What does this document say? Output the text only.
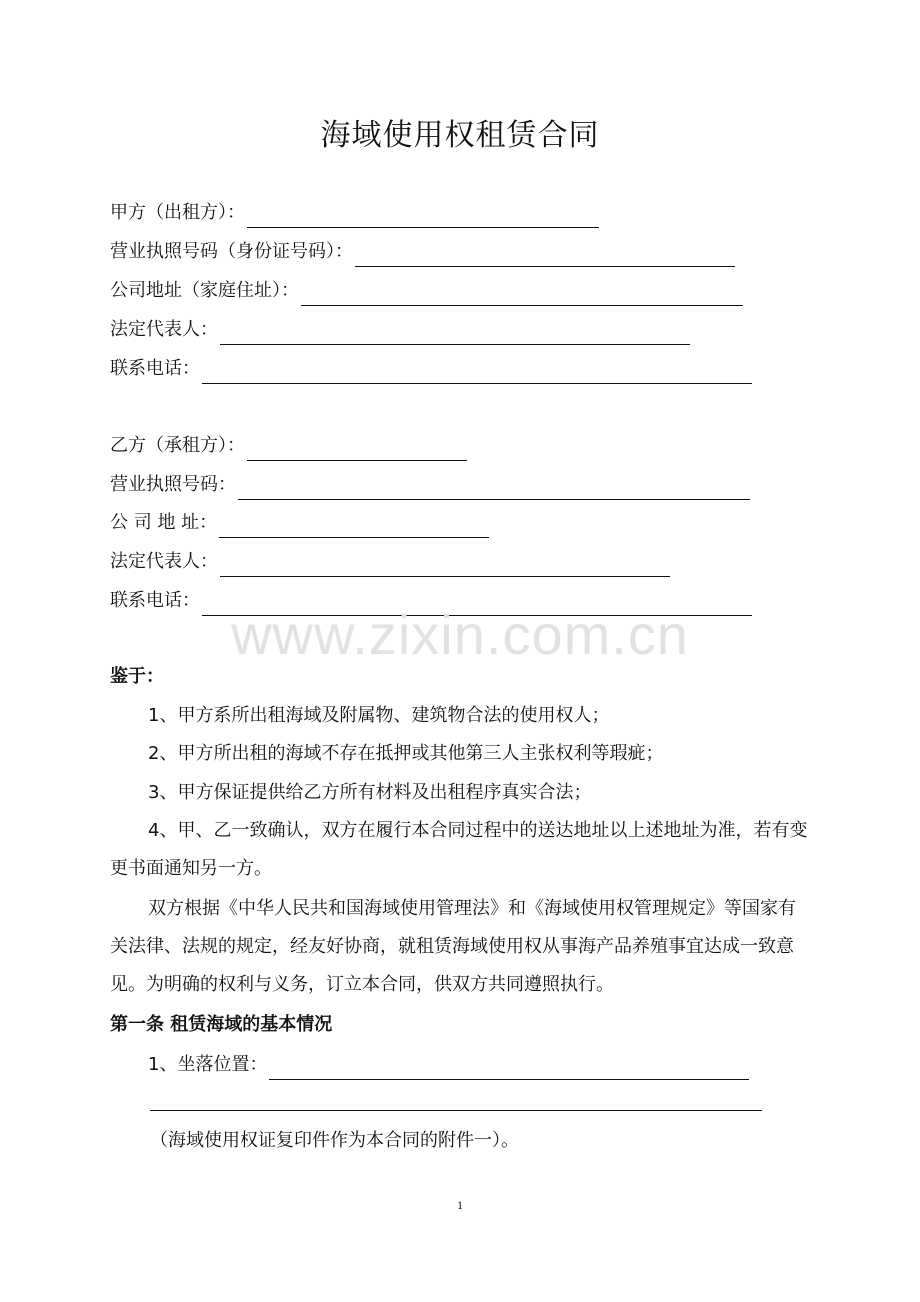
海域使用权租赁合同
甲方（出租方）：
营业执照号码（身份证号码）：
公司地址（家庭住址）：
法定代表人：
联系电话：
乙方（承租方）：
营业执照号码：
公 司 地 址：
法定代表人：
联系电话：
www.zixin.com.cn
鉴于：
1、甲方系所出租海域及附属物、建筑物合法的使用权人；
2、甲方所出租的海域不存在抵押或其他第三人主张权利等瑕疵；
3、甲方保证提供给乙方所有材料及出租程序真实合法；
4、甲、乙一致确认，双方在履行本合同过程中的送达地址以上述地址为准，若有变更书面通知另一方。
双方根据《中华人民共和国海域使用管理法》和《海域使用权管理规定》等国家有关法律、法规的规定，经友好协商，就租赁海域使用权从事海产品养殖事宜达成一致意见。为明确的权利与义务，订立本合同，供双方共同遵照执行。
第一条 租赁海域的基本情况
1、坐落位置：
（海域使用权证复印件作为本合同的附件一）。
1
